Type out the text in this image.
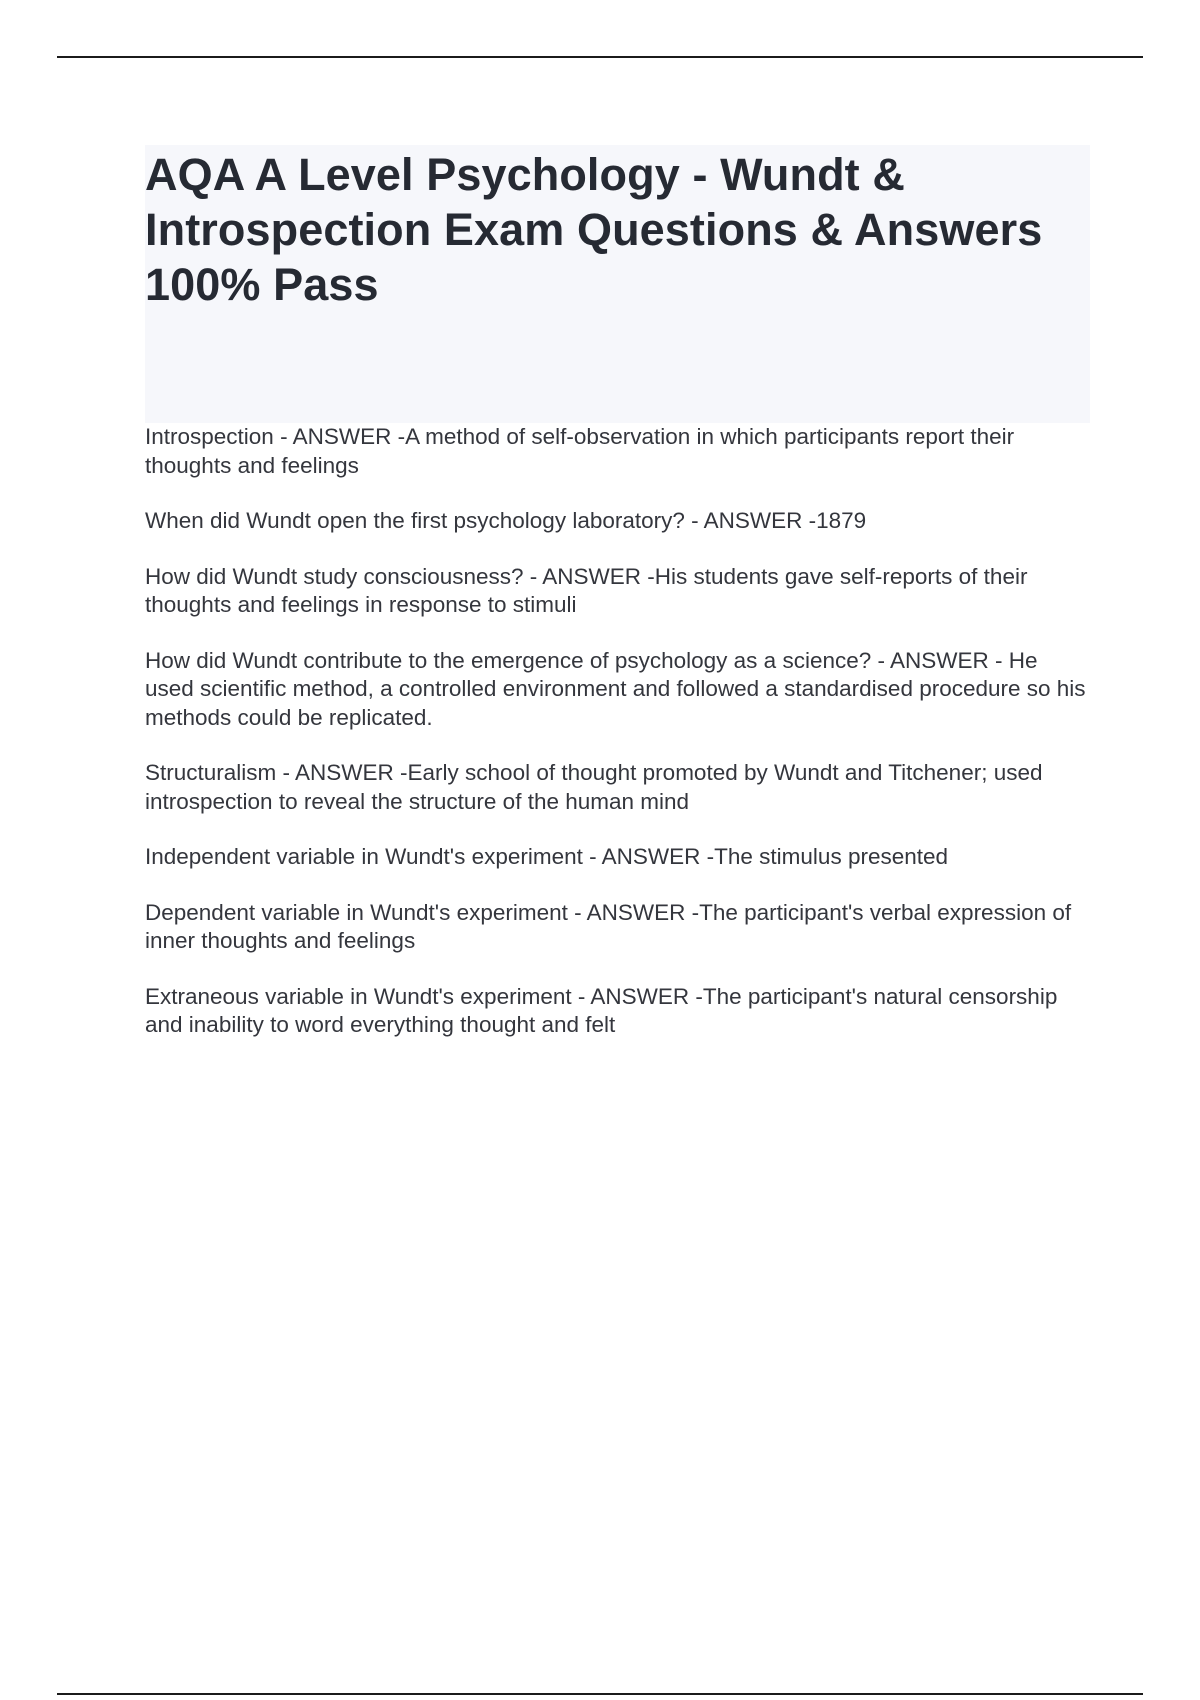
AQA A Level Psychology - Wundt & Introspection Exam Questions & Answers 100% Pass

Introspection - ANSWER -A method of self-observation in which participants report their thoughts and feelings

When did Wundt open the first psychology laboratory? - ANSWER -1879

How did Wundt study consciousness? - ANSWER -His students gave self-reports of their thoughts and feelings in response to stimuli

How did Wundt contribute to the emergence of psychology as a science? - ANSWER - He used scientific method, a controlled environment and followed a standardised procedure so his methods could be replicated.

Structuralism - ANSWER -Early school of thought promoted by Wundt and Titchener; used introspection to reveal the structure of the human mind

Independent variable in Wundt's experiment - ANSWER -The stimulus presented

Dependent variable in Wundt's experiment - ANSWER -The participant's verbal expression of inner thoughts and feelings

Extraneous variable in Wundt's experiment - ANSWER -The participant's natural censorship and inability to word everything thought and felt
